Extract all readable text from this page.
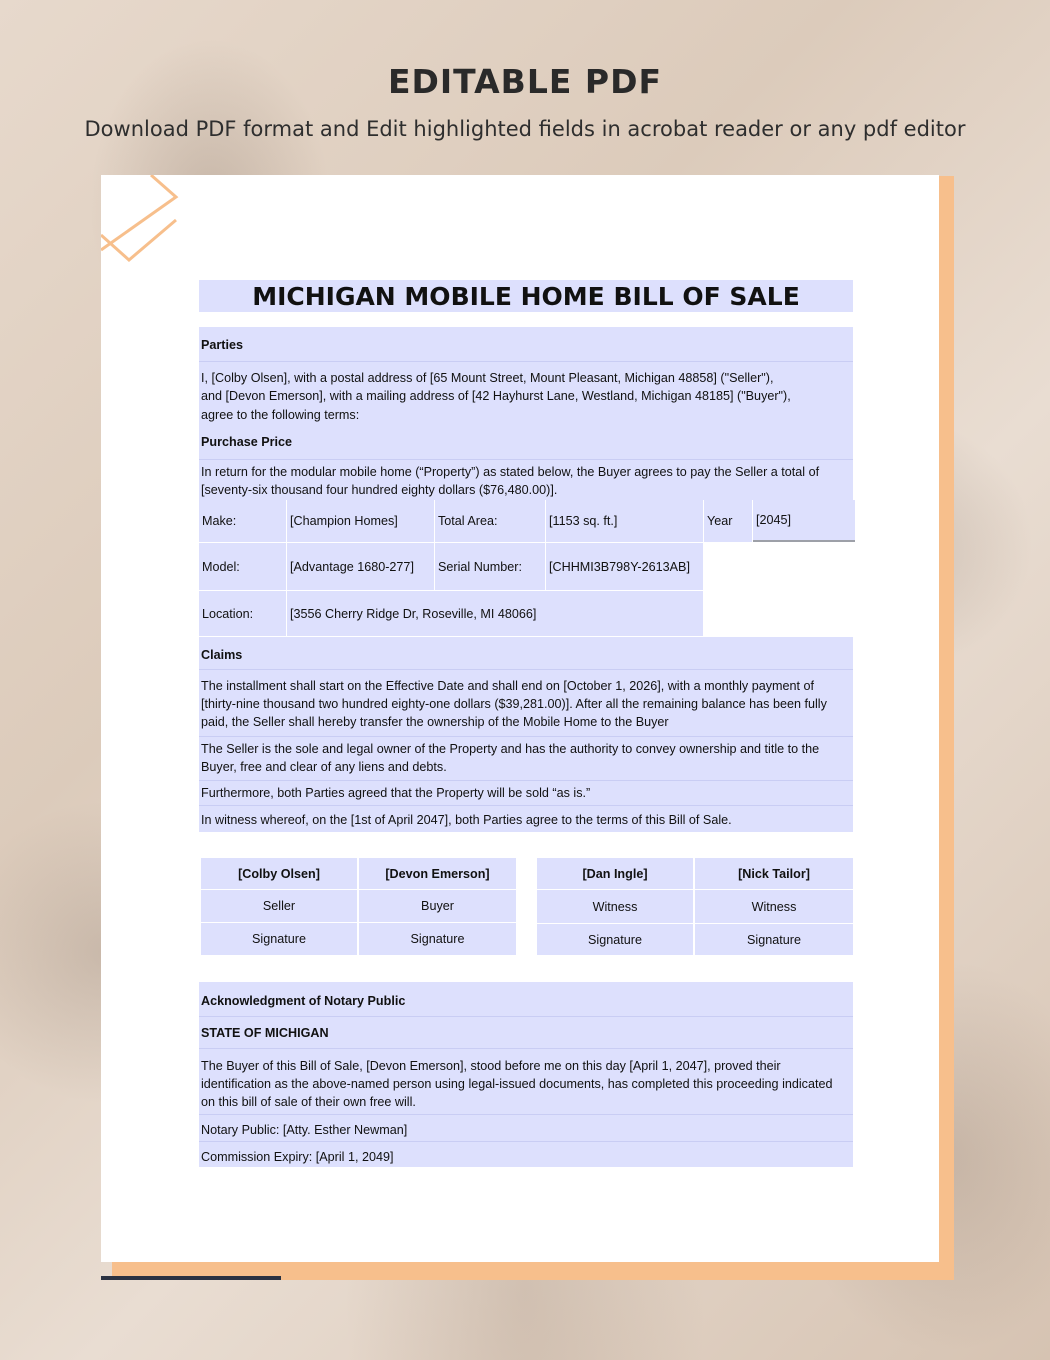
EDITABLE PDF
Download PDF format and Edit highlighted fields in acrobat reader or any pdf editor
MICHIGAN MOBILE HOME BILL OF SALE
Parties
I, [Colby Olsen], with a postal address of [65 Mount Street, Mount Pleasant, Michigan 48858] ("Seller"),
and [Devon Emerson], with a mailing address of [42 Hayhurst Lane, Westland, Michigan 48185] ("Buyer"),
agree to the following terms:
Purchase Price
In return for the modular mobile home (“Property”) as stated below, the Buyer agrees to pay the Seller a total of
[seventy-six thousand four hundred eighty dollars ($76,480.00)].
Make:	[Champion Homes]	Total Area:	[1153 sq. ft.]	Year [2045]
Model:	[Advantage 1680-277] Serial Number: [CHHMI3B798Y-2613AB]
Location:	[3556 Cherry Ridge Dr, Roseville, MI 48066]
Claims
The installment shall start on the Effective Date and shall end on [October 1, 2026], with a monthly payment of
[thirty-nine thousand two hundred eighty-one dollars ($39,281.00)]. After all the remaining balance has been fully
paid, the Seller shall hereby transfer the ownership of the Mobile Home to the Buyer
The Seller is the sole and legal owner of the Property and has the authority to convey ownership and title to the
Buyer, free and clear of any liens and debts.
Furthermore, both Parties agreed that the Property will be sold “as is.”
In witness whereof, on the [1st of April 2047], both Parties agree to the terms of this Bill of Sale.
[Colby Olsen]	[Devon Emerson]	[Dan Ingle]	[Nick Tailor]
Seller	Buyer	Witness	Witness
Signature	Signature	Signature	Signature
Acknowledgment of Notary Public
STATE OF MICHIGAN
The Buyer of this Bill of Sale, [Devon Emerson], stood before me on this day [April 1, 2047], proved their
identification as the above-named person using legal-issued documents, has completed this proceeding indicated
on this bill of sale of their own free will.
Notary Public: [Atty. Esther Newman]
Commission Expiry: [April 1, 2049]
